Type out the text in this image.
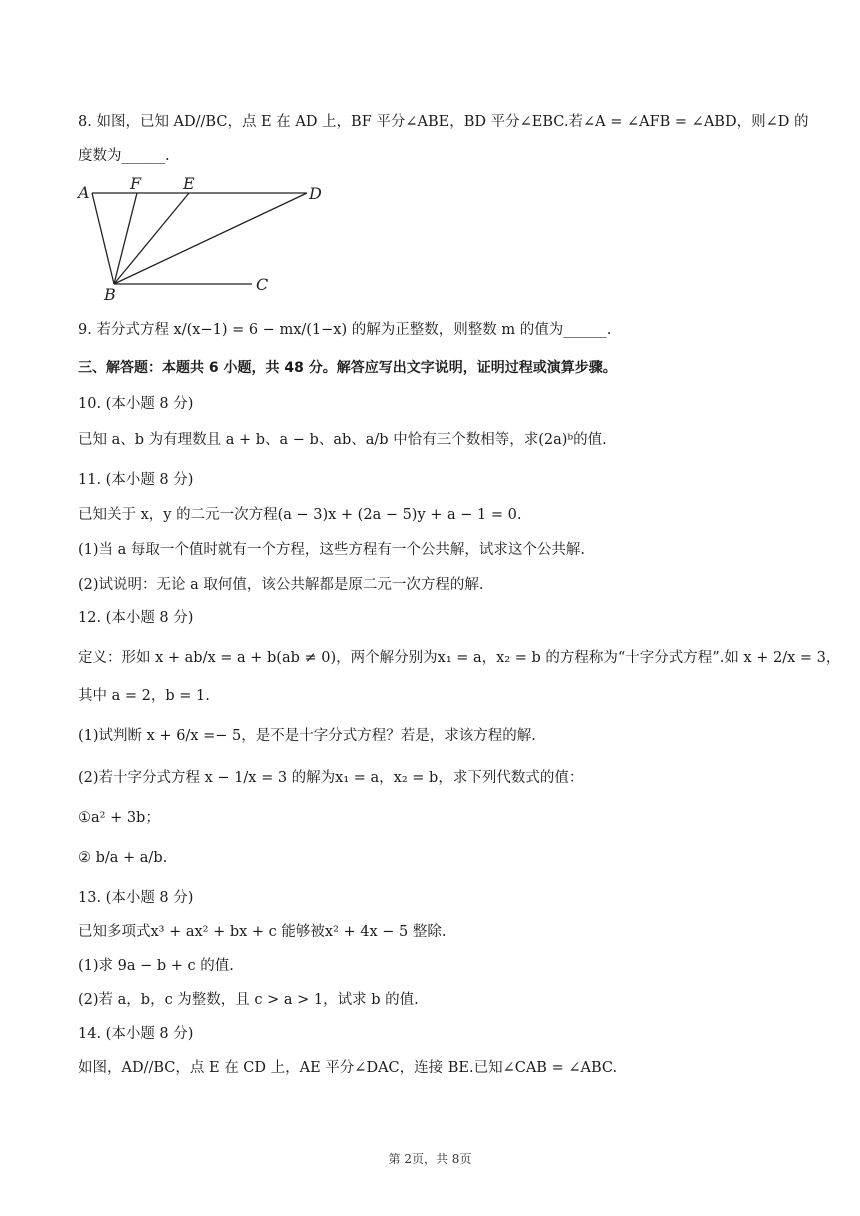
8. 如图，已知 AD//BC，点 E 在 AD 上，BF 平分∠ABE，BD 平分∠EBC.若∠A = ∠AFB = ∠ABD，则∠D 的
度数为______.
A	F	E
D
B
C
9. 若分式方程 x/(x−1) = 6 − mx/(1−x) 的解为正整数，则整数 m 的值为______.
三、解答题：本题共 6 小题，共 48 分。解答应写出文字说明，证明过程或演算步骤。
10. (本小题 8 分)
已知 a、b 为有理数且 a + b、a − b、ab、a/b 中恰有三个数相等，求(2a)ᵇ的值.
11. (本小题 8 分)
已知关于 x，y 的二元一次方程(a − 3)x + (2a − 5)y + a − 1 = 0.
(1)当 a 每取一个值时就有一个方程，这些方程有一个公共解，试求这个公共解.
(2)试说明：无论 a 取何值，该公共解都是原二元一次方程的解.
12. (本小题 8 分)
定义：形如 x + ab/x = a + b(ab ≠ 0)，两个解分别为x₁ = a，x₂ = b 的方程称为“十字分式方程”.如 x + 2/x = 3，
其中 a = 2，b = 1.
(1)试判断 x + 6/x =− 5，是不是十字分式方程？若是，求该方程的解.
(2)若十字分式方程 x − 1/x = 3 的解为x₁ = a，x₂ = b，求下列代数式的值：
①a² + 3b；
② b/a + a/b.
13. (本小题 8 分)
已知多项式x³ + ax² + bx + c 能够被x² + 4x − 5 整除.
(1)求 9a − b + c 的值.
(2)若 a，b，c 为整数，且 c > a > 1，试求 b 的值.
14. (本小题 8 分)
如图，AD//BC，点 E 在 CD 上，AE 平分∠DAC，连接 BE.已知∠CAB = ∠ABC.
第 2页，共 8页
